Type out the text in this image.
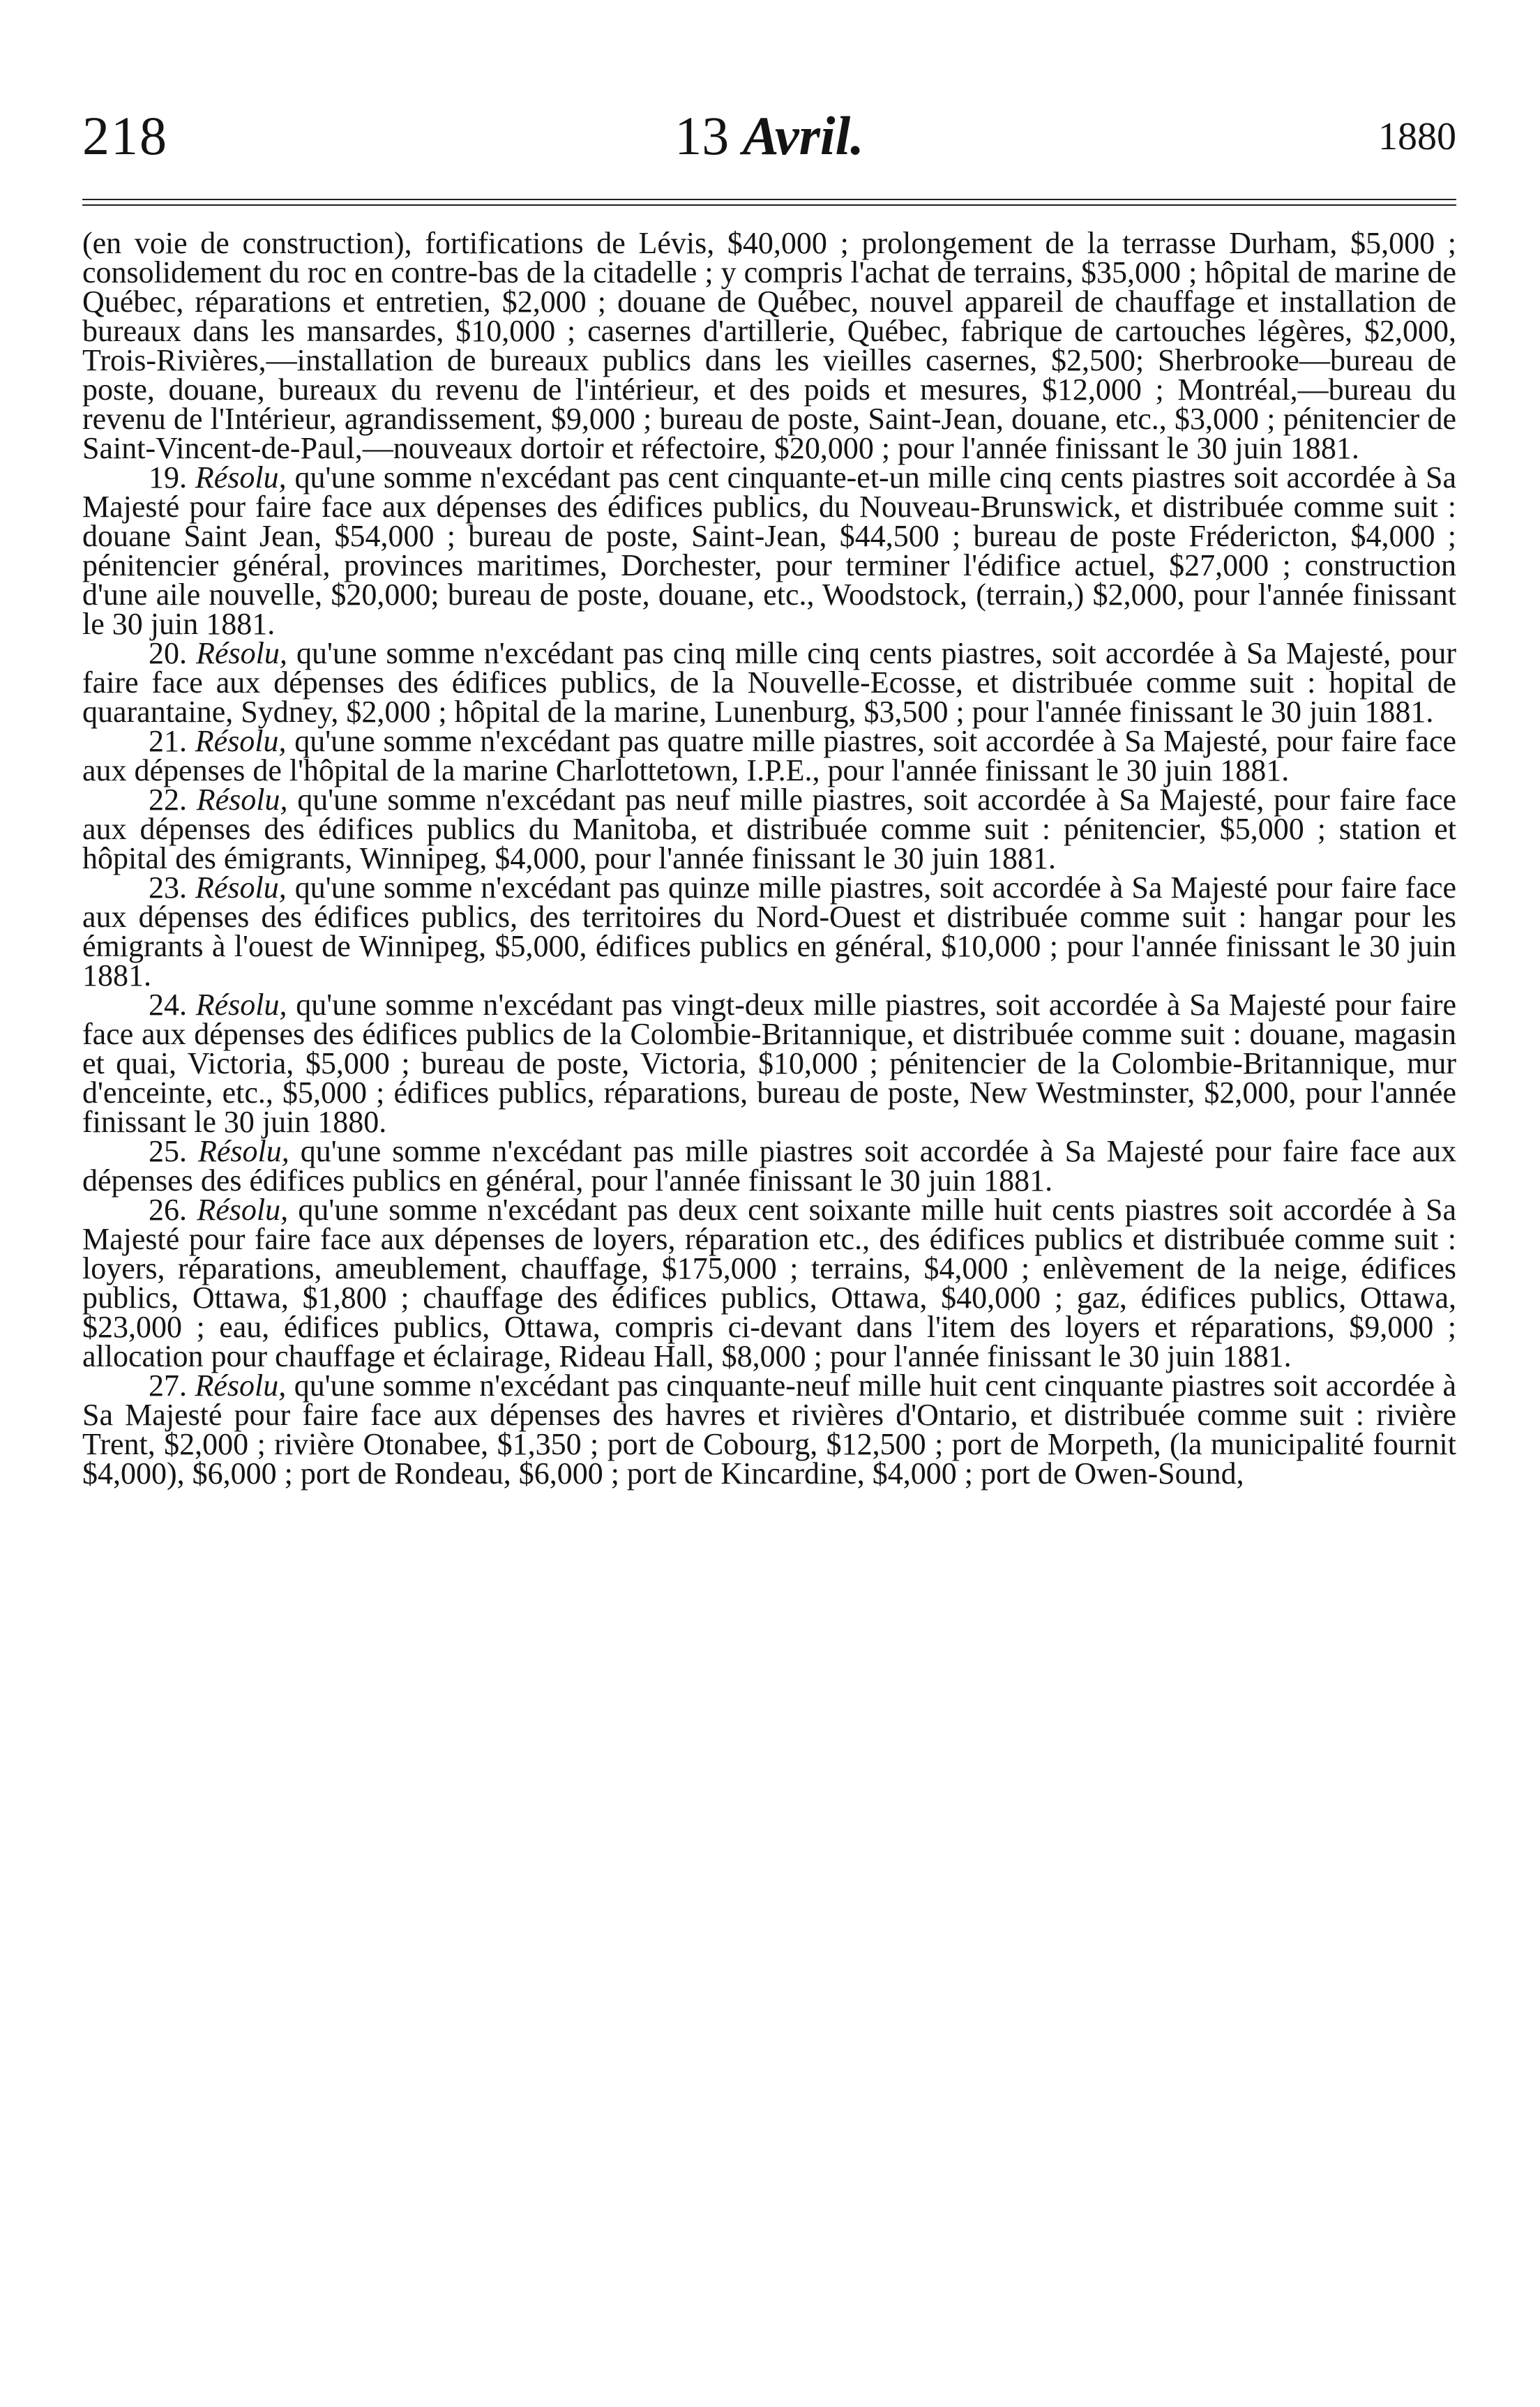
218	13 Avril.	1880

(en voie de construction), fortifications de Lévis, $40,000 ; prolongement de la terrasse Durham, $5,000 ; consolidement du roc en contre-bas de la citadelle ; y compris l'achat de terrains, $35,000 ; hôpital de marine de Québec, réparations et entretien, $2,000 ; douane de Québec, nouvel appareil de chauffage et installation de bureaux dans les mansardes, $10,000 ; casernes d'artillerie, Québec, fabrique de cartouches légères, $2,000, Trois-Rivières,—installation de bureaux publics dans les vieilles casernes, $2,500; Sherbrooke—bureau de poste, douane, bureaux du revenu de l'intérieur, et des poids et mesures, $12,000 ; Montréal,—bureau du revenu de l'Intérieur, agrandissement, $9,000 ; bureau de poste, Saint-Jean, douane, etc., $3,000 ; pénitencier de Saint-Vincent-de-Paul,—nouveaux dortoir et réfectoire, $20,000 ; pour l'année finissant le 30 juin 1881.

19. Résolu, qu'une somme n'excédant pas cent cinquante-et-un mille cinq cents piastres soit accordée à Sa Majesté pour faire face aux dépenses des édifices publics, du Nouveau-Brunswick, et distribuée comme suit : douane Saint Jean, $54,000 ; bureau de poste, Saint-Jean, $44,500 ; bureau de poste Frédericton, $4,000 ; pénitencier général, provinces maritimes, Dorchester, pour terminer l'édifice actuel, $27,000 ; construction d'une aile nouvelle, $20,000; bureau de poste, douane, etc., Woodstock, (terrain,) $2,000, pour l'année finissant le 30 juin 1881.

20. Résolu, qu'une somme n'excédant pas cinq mille cinq cents piastres, soit accordée à Sa Majesté, pour faire face aux dépenses des édifices publics, de la Nouvelle-Ecosse, et distribuée comme suit : hopital de quarantaine, Sydney, $2,000 ; hôpital de la marine, Lunenburg, $3,500 ; pour l'année finissant le 30 juin 1881.

21. Résolu, qu'une somme n'excédant pas quatre mille piastres, soit accordée à Sa Majesté, pour faire face aux dépenses de l'hôpital de la marine Charlottetown, I.P.E., pour l'année finissant le 30 juin 1881.

22. Résolu, qu'une somme n'excédant pas neuf mille piastres, soit accordée à Sa Majesté, pour faire face aux dépenses des édifices publics du Manitoba, et distribuée comme suit : pénitencier, $5,000 ; station et hôpital des émigrants, Winnipeg, $4,000, pour l'année finissant le 30 juin 1881.

23. Résolu, qu'une somme n'excédant pas quinze mille piastres, soit accordée à Sa Majesté pour faire face aux dépenses des édifices publics, des territoires du Nord-Ouest et distribuée comme suit : hangar pour les émigrants à l'ouest de Winnipeg, $5,000, édifices publics en général, $10,000 ; pour l'année finissant le 30 juin 1881.

24. Résolu, qu'une somme n'excédant pas vingt-deux mille piastres, soit accordée à Sa Majesté pour faire face aux dépenses des édifices publics de la Colombie-Britannique, et distribuée comme suit : douane, magasin et quai, Victoria, $5,000 ; bureau de poste, Victoria, $10,000 ; pénitencier de la Colombie-Britannique, mur d'enceinte, etc., $5,000 ; édifices publics, réparations, bureau de poste, New Westminster, $2,000, pour l'année finissant le 30 juin 1880.

25. Résolu, qu'une somme n'excédant pas mille piastres soit accordée à Sa Majesté pour faire face aux dépenses des édifices publics en général, pour l'année finissant le 30 juin 1881.

26. Résolu, qu'une somme n'excédant pas deux cent soixante mille huit cents piastres soit accordée à Sa Majesté pour faire face aux dépenses de loyers, réparation etc., des édifices publics et distribuée comme suit : loyers, réparations, ameublement, chauffage, $175,000 ; terrains, $4,000 ; enlèvement de la neige, édifices publics, Ottawa, $1,800 ; chauffage des édifices publics, Ottawa, $40,000 ; gaz, édifices publics, Ottawa, $23,000 ; eau, édifices publics, Ottawa, compris ci-devant dans l'item des loyers et réparations, $9,000 ; allocation pour chauffage et éclairage, Rideau Hall, $8,000 ; pour l'année finissant le 30 juin 1881.

27. Résolu, qu'une somme n'excédant pas cinquante-neuf mille huit cent cinquante piastres soit accordée à Sa Majesté pour faire face aux dépenses des havres et rivières d'Ontario, et distribuée comme suit : rivière Trent, $2,000 ; rivière Otonabee, $1,350 ; port de Cobourg, $12,500 ; port de Morpeth, (la municipalité fournit $4,000), $6,000 ; port de Rondeau, $6,000 ; port de Kincardine, $4,000 ; port de Owen-Sound,
